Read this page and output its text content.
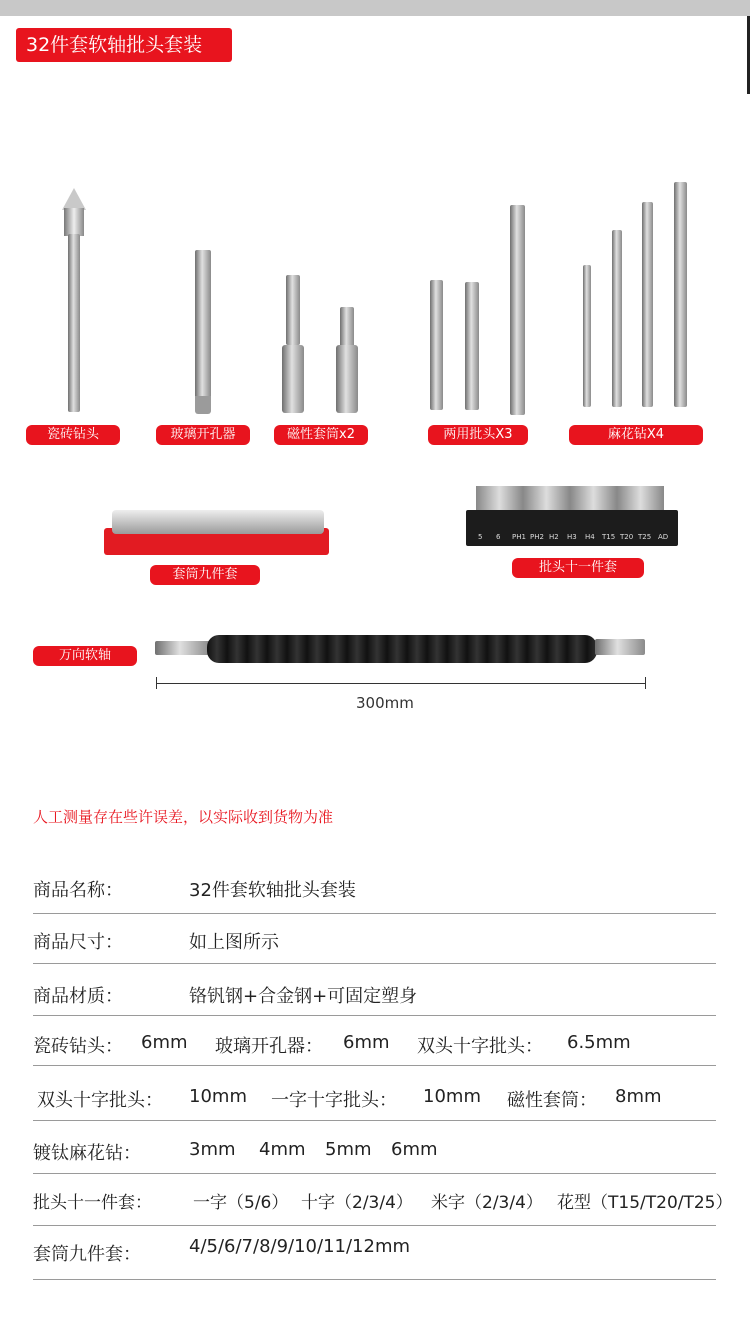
32件套软轴批头套装
5 6 PH1 PH2 H2 H3 H4 T15 T20 T25 AD
瓷砖钻头	玻璃开孔器	磁性套筒x2	两用批头X3	麻花钻X4
套筒九件套	批头十一件套
万向软轴
300mm
人工测量存在些许误差，以实际收到货物为准
商品名称：	32件套软轴批头套装
商品尺寸：	如上图所示
商品材质：	铬钒钢+合金钢+可固定塑身
瓷砖钻头： 6mm 玻璃开孔器： 6mm 双头十字批头： 6.5mm
双头十字批头： 10mm 一字十字批头： 10mm 磁性套筒： 8mm
镀钛麻花钻：	3mm 4mm 5mm 6mm
批头十一件套： 一字（5/6） 十字（2/3/4） 米字（2/3/4） 花型（T15/T20/T25）
套筒九件套：	4/5/6/7/8/9/10/11/12mm
